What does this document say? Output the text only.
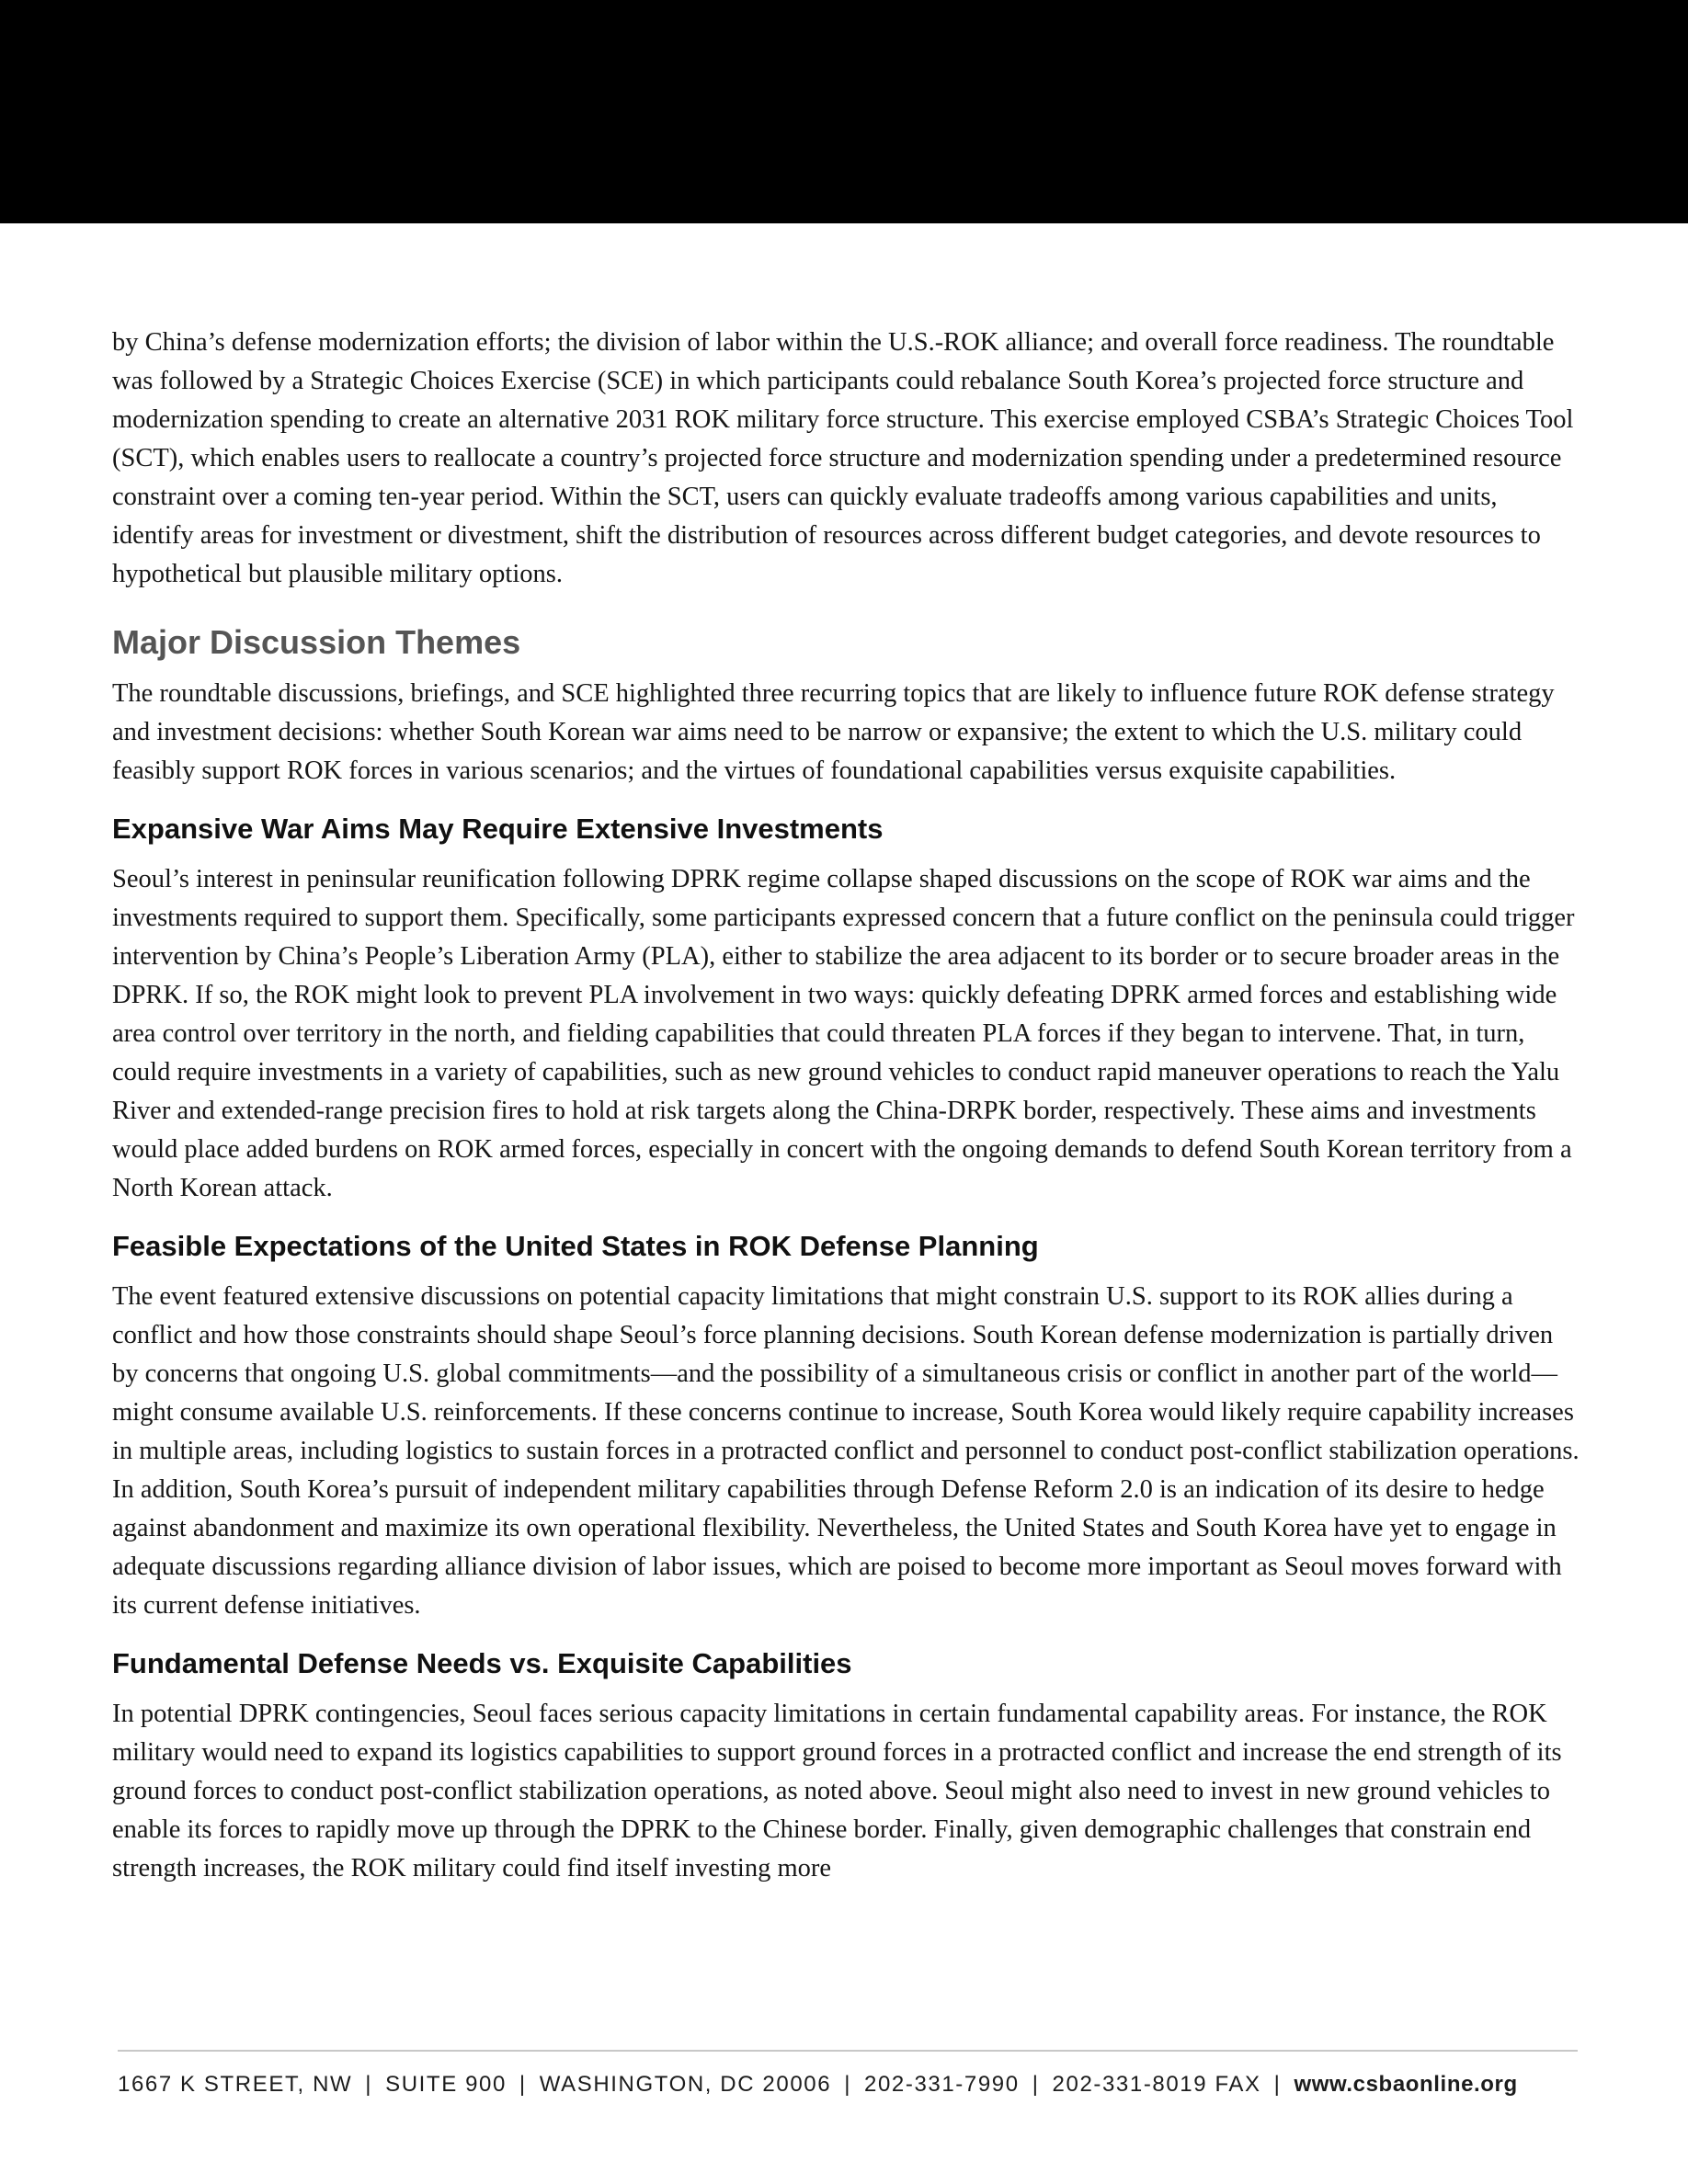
by China’s defense modernization efforts; the division of labor within the U.S.-ROK alliance; and overall force readiness. The roundtable was followed by a Strategic Choices Exercise (SCE) in which participants could rebalance South Korea’s projected force structure and modernization spending to create an alternative 2031 ROK military force structure. This exercise employed CSBA’s Strategic Choices Tool (SCT), which enables users to reallocate a country’s projected force structure and modernization spending under a predetermined resource constraint over a coming ten-year period. Within the SCT, users can quickly evaluate tradeoffs among various capabilities and units, identify areas for investment or divestment, shift the distribution of resources across different budget categories, and devote resources to hypothetical but plausible military options.

Major Discussion Themes

The roundtable discussions, briefings, and SCE highlighted three recurring topics that are likely to influence future ROK defense strategy and investment decisions: whether South Korean war aims need to be narrow or expansive; the extent to which the U.S. military could feasibly support ROK forces in various scenarios; and the virtues of foundational capabilities versus exquisite capabilities.

Expansive War Aims May Require Extensive Investments

Seoul’s interest in peninsular reunification following DPRK regime collapse shaped discussions on the scope of ROK war aims and the investments required to support them. Specifically, some participants expressed concern that a future conflict on the peninsula could trigger intervention by China’s People’s Liberation Army (PLA), either to stabilize the area adjacent to its border or to secure broader areas in the DPRK. If so, the ROK might look to prevent PLA involvement in two ways: quickly defeating DPRK armed forces and establishing wide area control over territory in the north, and fielding capabilities that could threaten PLA forces if they began to intervene. That, in turn, could require investments in a variety of capabilities, such as new ground vehicles to conduct rapid maneuver operations to reach the Yalu River and extended-range precision fires to hold at risk targets along the China-DRPK border, respectively. These aims and investments would place added burdens on ROK armed forces, especially in concert with the ongoing demands to defend South Korean territory from a North Korean attack.

Feasible Expectations of the United States in ROK Defense Planning

The event featured extensive discussions on potential capacity limitations that might constrain U.S. support to its ROK allies during a conflict and how those constraints should shape Seoul’s force planning decisions. South Korean defense modernization is partially driven by concerns that ongoing U.S. global commitments—and the possibility of a simultaneous crisis or conflict in another part of the world—might consume available U.S. reinforcements. If these concerns continue to increase, South Korea would likely require capability increases in multiple areas, including logistics to sustain forces in a protracted conflict and personnel to conduct post-conflict stabilization operations. In addition, South Korea’s pursuit of independent military capabilities through Defense Reform 2.0 is an indication of its desire to hedge against abandonment and maximize its own operational flexibility. Nevertheless, the United States and South Korea have yet to engage in adequate discussions regarding alliance division of labor issues, which are poised to become more important as Seoul moves forward with its current defense initiatives.

Fundamental Defense Needs vs. Exquisite Capabilities

In potential DPRK contingencies, Seoul faces serious capacity limitations in certain fundamental capability areas. For instance, the ROK military would need to expand its logistics capabilities to support ground forces in a protracted conflict and increase the end strength of its ground forces to conduct post-conflict stabilization operations, as noted above. Seoul might also need to invest in new ground vehicles to enable its forces to rapidly move up through the DPRK to the Chinese border. Finally, given demographic challenges that constrain end strength increases, the ROK military could find itself investing more

1667 K STREET, NW | SUITE 900 | WASHINGTON, DC 20006 | 202-331-7990 | 202-331-8019 FAX | www.csbaonline.org
